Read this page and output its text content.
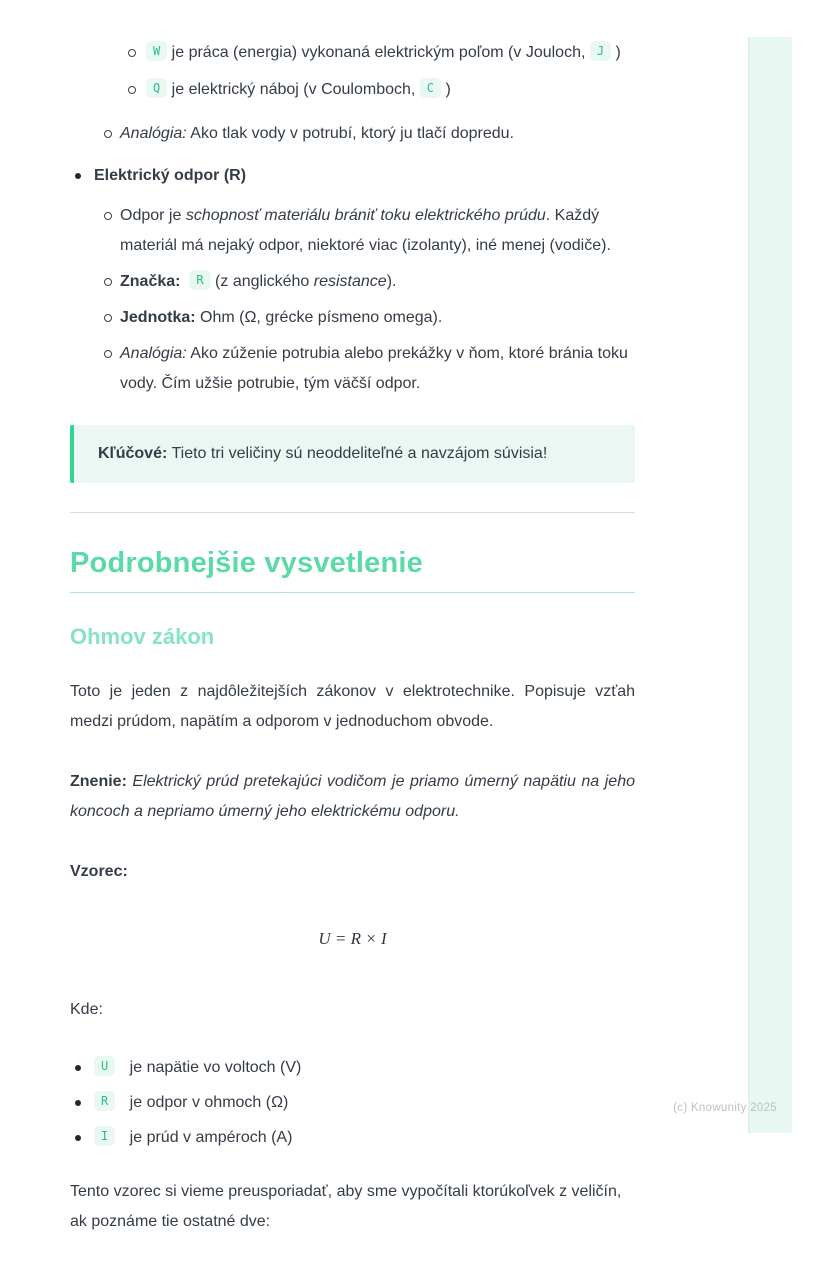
W je práca (energia) vykonaná elektrickým poľom (v Jouloch, J )
Q je elektrický náboj (v Coulomboch, C )
Analógia: Ako tlak vody v potrubí, ktorý ju tlačí dopredu.
Elektrický odpor (R)
Odpor je schopnosť materiálu brániť toku elektrického prúdu. Každý materiál má nejaký odpor, niektoré viac (izolanty), iné menej (vodiče).
Značka: R (z anglického resistance).
Jednotka: Ohm (Ω, grécke písmeno omega).
Analógia: Ako zúženie potrubia alebo prekážky v ňom, ktoré bránia toku vody. Čím užšie potrubie, tým väčší odpor.
Kľúčové: Tieto tri veličiny sú neoddeliteľné a navzájom súvisia!
Podrobnejšie vysvetlenie
Ohmov zákon

Toto je jeden z najdôležitejších zákonov v elektrotechnike. Popisuje vzťah medzi prúdom, napätím a odporom v jednoduchom obvode.

Znenie: Elektrický prúd pretekajúci vodičom je priamo úmerný napätiu na jeho koncoch a nepriamo úmerný jeho elektrickému odporu.

Vzorec:

U = R × I

Kde:

U je napätie vo voltoch (V)
R je odpor v ohmoch (Ω)
I je prúd v ampéroch (A)

Tento vzorec si vieme preusporiadať, aby sme vypočítali ktorúkoľvek z veličín, ak poznáme tie ostatné dve:

(c) Knowunity 2025
